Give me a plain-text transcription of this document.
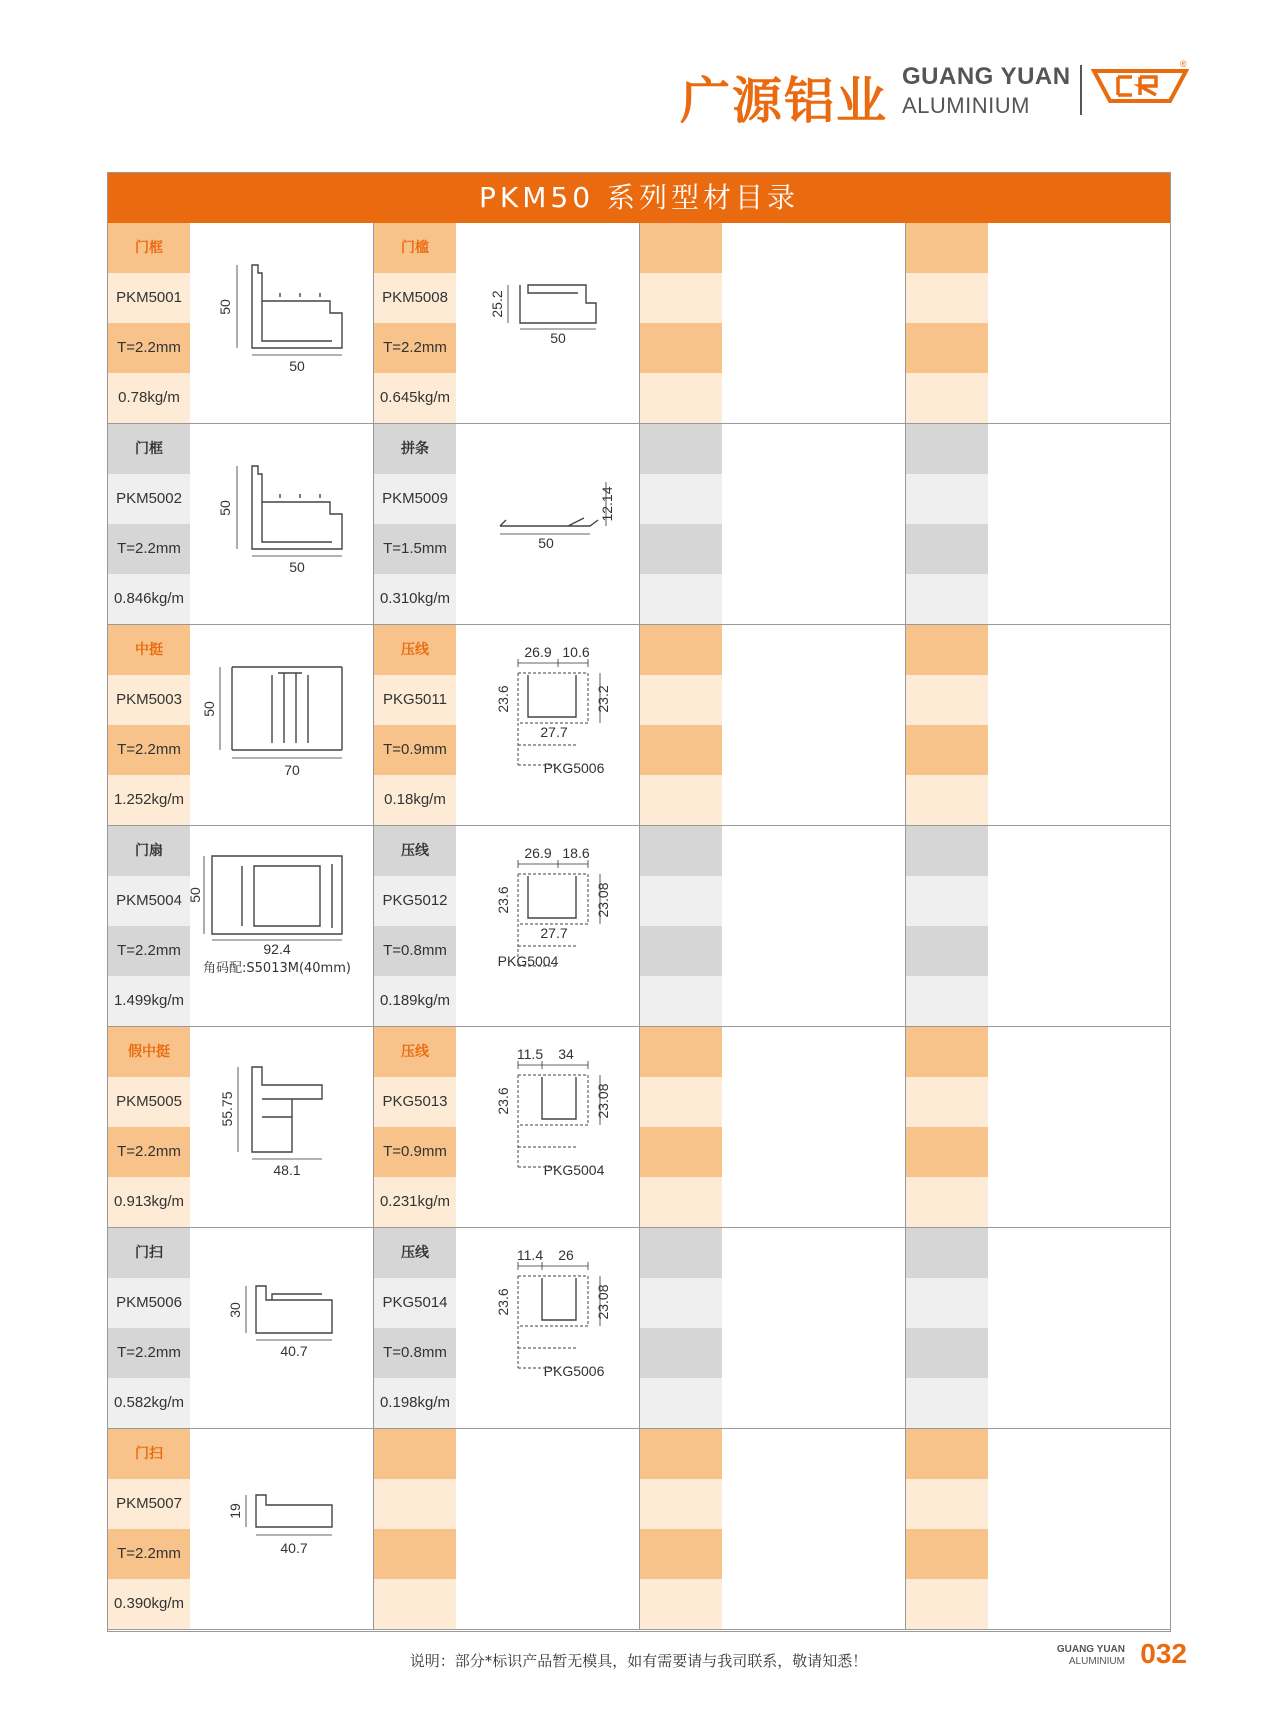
广源铝业 GUANG YUAN
ALUMINIUM
®
PKM50 系列型材目录
门框
PKM5001
T=2.2mm
0.78kg/m
50
50
门槛
PKM5008
T=2.2mm
0.645kg/m
25.2
50
门框
PKM5002
T=2.2mm
0.846kg/m
50
50
拼条
PKM5009
T=1.5mm
0.310kg/m
12.14
50
中挺
PKM5003
T=2.2mm
1.252kg/m
50
70
压线
PKG5011
T=0.9mm
0.18kg/m
26.9 10.6
23.6	23.2
27.7
PKG5006
门扇
PKM5004
T=2.2mm
1.499kg/m
50
92.4
角码配:S5013M(40mm)
压线
PKG5012
T=0.8mm
0.189kg/m
26.9 18.6
23.6	23.08
27.7
PKG5004
假中挺
PKM5005
T=2.2mm
0.913kg/m
55.75
48.1
压线
PKG5013
T=0.9mm
0.231kg/m
11.5 34
23.6	23.08
PKG5004
门扫
PKM5006
T=2.2mm
0.582kg/m
30
40.7
压线
PKG5014
T=0.8mm
0.198kg/m
11.4 26
23.6	23.08
PKG5006
门扫
PKM5007
T=2.2mm
0.390kg/m
19
40.7
说明：部分*标识产品暂无模具，如有需要请与我司联系，敬请知悉！
GUANG YUAN
ALUMINIUM 032
